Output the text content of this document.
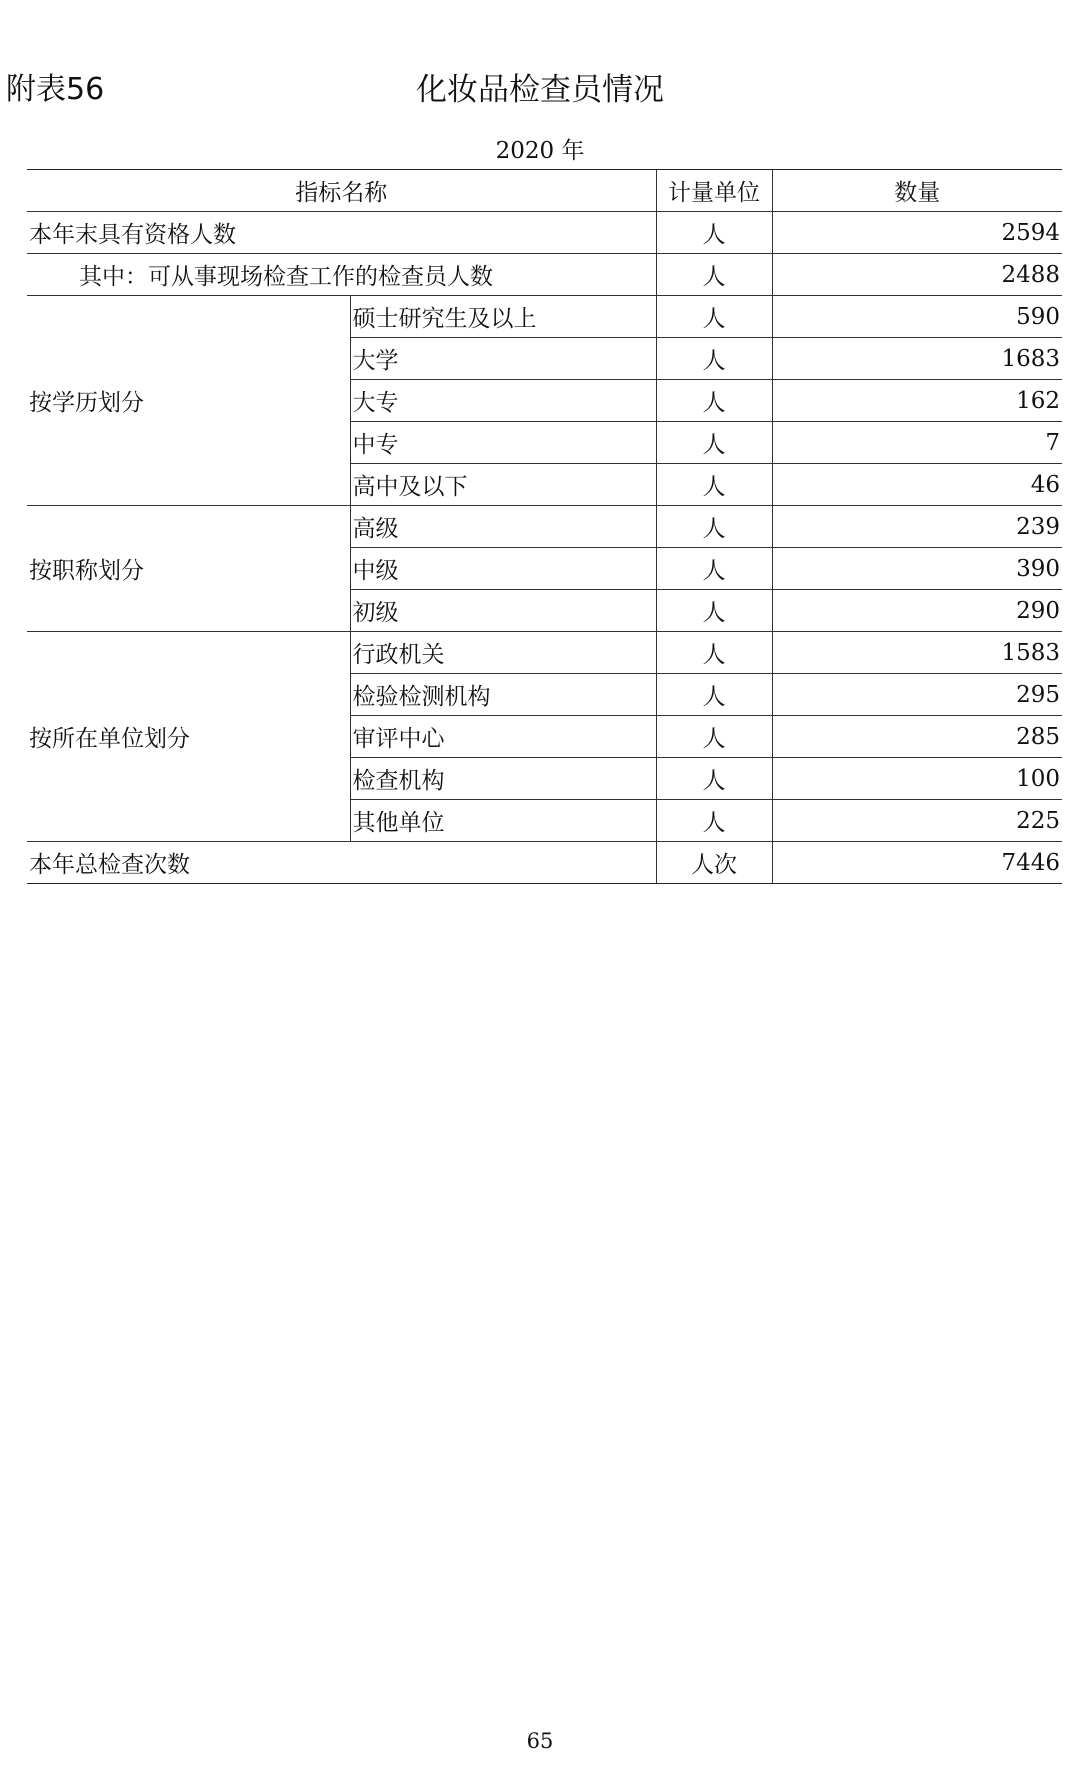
附表56	化妆品检查员情况
2020 年
指标名称		计量单位	数量
本年末具有资格人数		人	2594
其中：可从事现场检查工作的检查员人数		人	2488
按学历划分	硕士研究生及以上	人	590
	大学	人	1683
	大专	人	162
	中专	人	7
	高中及以下	人	46
按职称划分	高级	人	239
	中级	人	390
	初级	人	290
按所在单位划分	行政机关	人	1583
	检验检测机构	人	295
	审评中心	人	285
	检查机构	人	100
	其他单位	人	225
本年总检查次数		人次	7446
65
